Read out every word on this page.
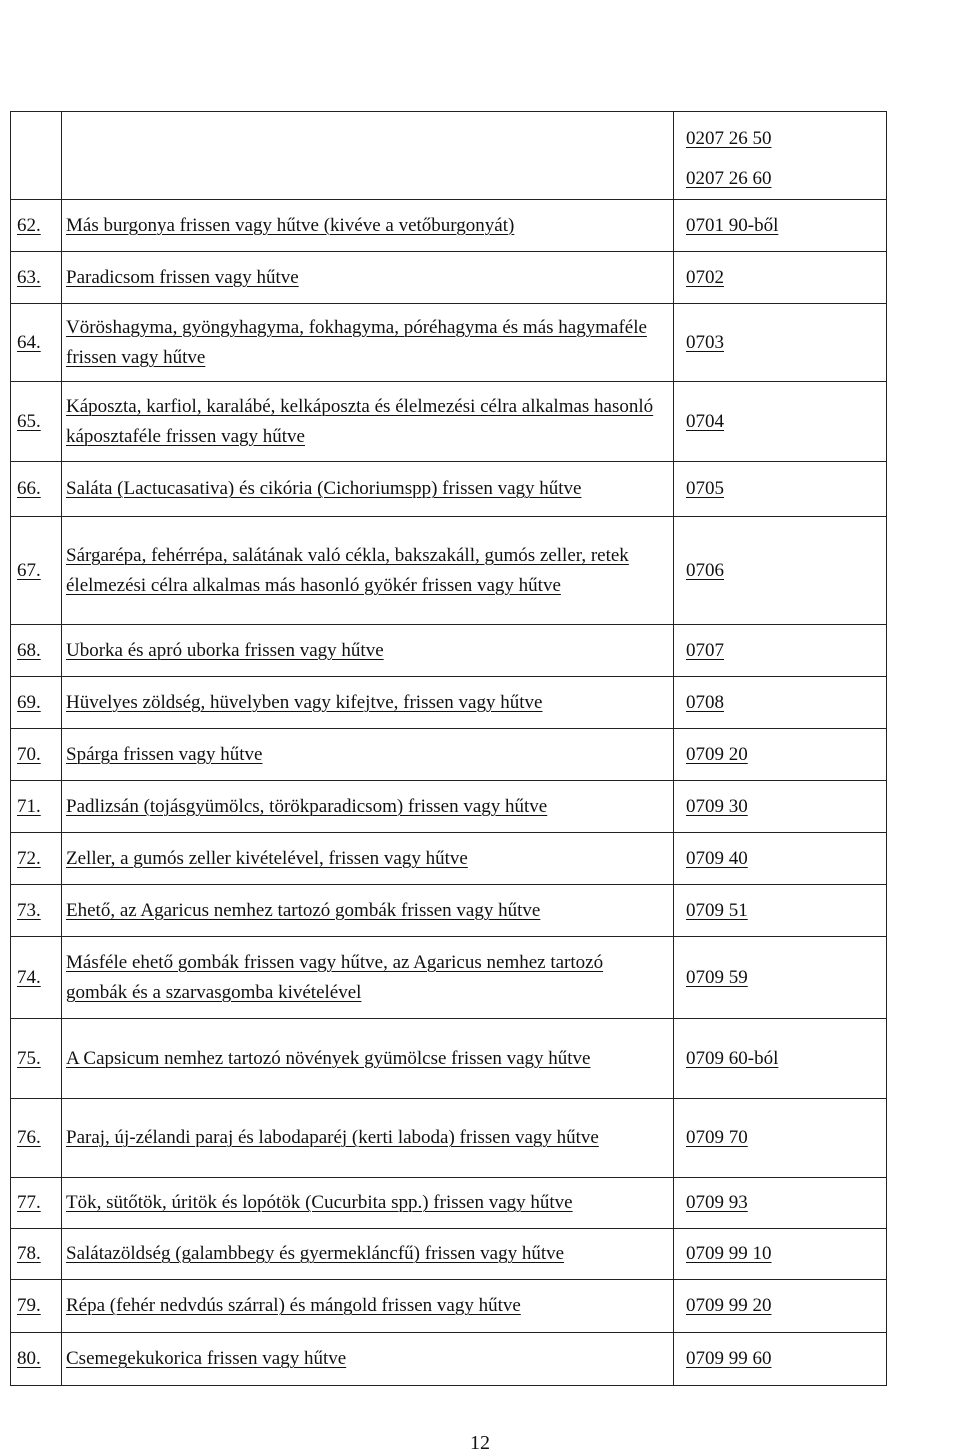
		0207 26 50
0207 26 60

62.	Más burgonya frissen vagy hűtve (kivéve a vetőburgonyát)	0701 90-ből
63.	Paradicsom frissen vagy hűtve	0702
64.	Vöröshagyma, gyöngyhagyma, fokhagyma, póréhagyma és más hagymaféle frissen vagy hűtve	0703
65.	Káposzta, karfiol, karalábé, kelkáposzta és élelmezési célra alkalmas hasonló káposztaféle frissen vagy hűtve	0704
66.	Saláta (Lactucasativa) és cikória (Cichoriumspp) frissen vagy hűtve	0705
67.	Sárgarépa, fehérrépa, salátának való cékla, bakszakáll, gumós zeller, retek élelmezési célra alkalmas más hasonló gyökér frissen vagy hűtve	0706
68.	Uborka és apró uborka frissen vagy hűtve	0707
69.	Hüvelyes zöldség, hüvelyben vagy kifejtve, frissen vagy hűtve	0708
70.	Spárga frissen vagy hűtve	0709 20
71.	Padlizsán (tojásgyümölcs, törökparadicsom) frissen vagy hűtve	0709 30
72.	Zeller, a gumós zeller kivételével, frissen vagy hűtve	0709 40
73.	Ehető, az Agaricus nemhez tartozó gombák frissen vagy hűtve	0709 51
74.	Másféle ehető gombák frissen vagy hűtve, az Agaricus nemhez tartozó gombák és a szarvasgomba kivételével	0709 59
75.	A Capsicum nemhez tartozó növények gyümölcse frissen vagy hűtve	0709 60-ból
76.	Paraj, új-zélandi paraj és labodaparéj (kerti laboda) frissen vagy hűtve	0709 70
77.	Tök, sütőtök, úritök és lopótök (Cucurbita spp.) frissen vagy hűtve	0709 93
78.	Salátazöldség (galambbegy és gyermekláncfű) frissen vagy hűtve	0709 99 10
79.	Répa (fehér nedvdús szárral) és mángold frissen vagy hűtve	0709 99 20
80.	Csemegekukorica frissen vagy hűtve	0709 99 60
12
